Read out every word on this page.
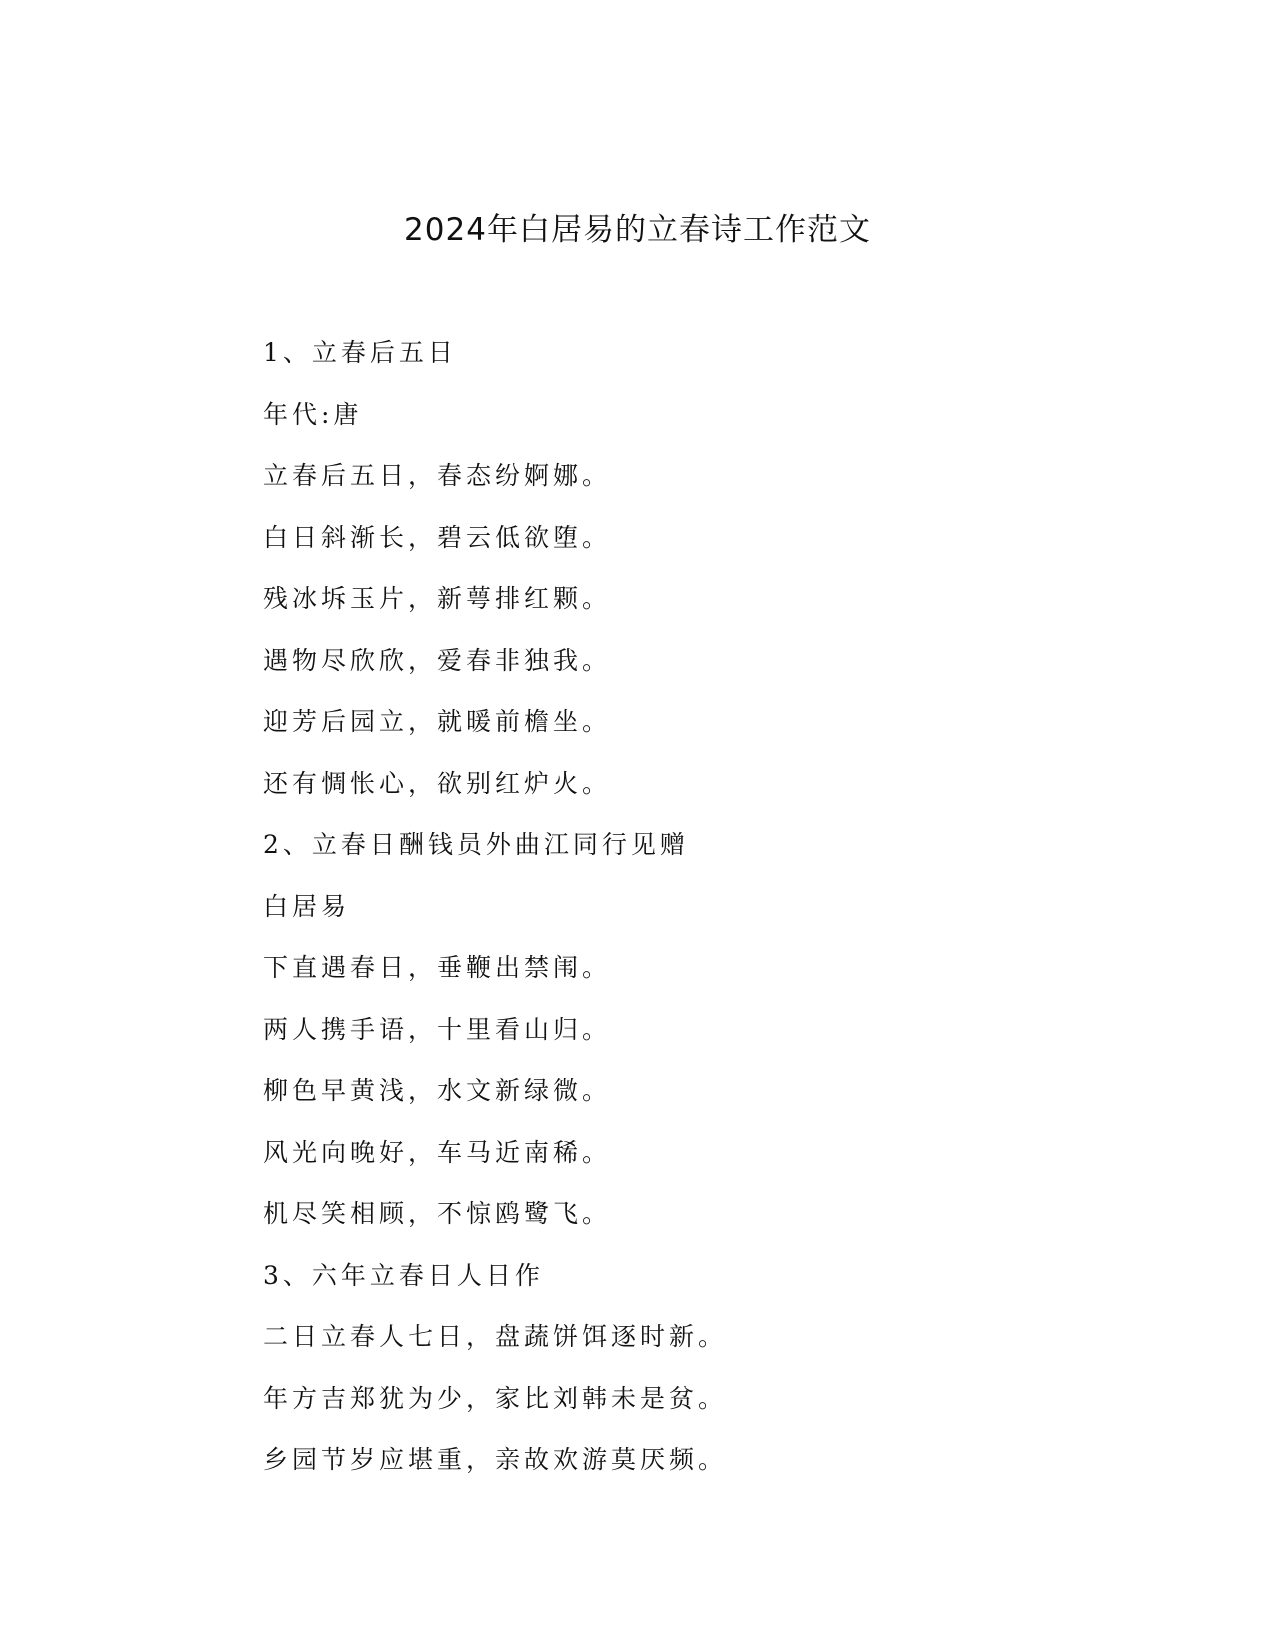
2024年白居易的立春诗工作范文
1、立春后五日
年代:唐
立春后五日，春态纷婀娜。
白日斜渐长，碧云低欲堕。
残冰坼玉片，新萼排红颗。
遇物尽欣欣，爱春非独我。
迎芳后园立，就暖前檐坐。
还有惆怅心，欲别红炉火。
2、立春日酬钱员外曲江同行见赠
白居易
下直遇春日，垂鞭出禁闱。
两人携手语，十里看山归。
柳色早黄浅，水文新绿微。
风光向晚好，车马近南稀。
机尽笑相顾，不惊鸥鹭飞。
3、六年立春日人日作
二日立春人七日，盘蔬饼饵逐时新。
年方吉郑犹为少，家比刘韩未是贫。
乡园节岁应堪重，亲故欢游莫厌频。
